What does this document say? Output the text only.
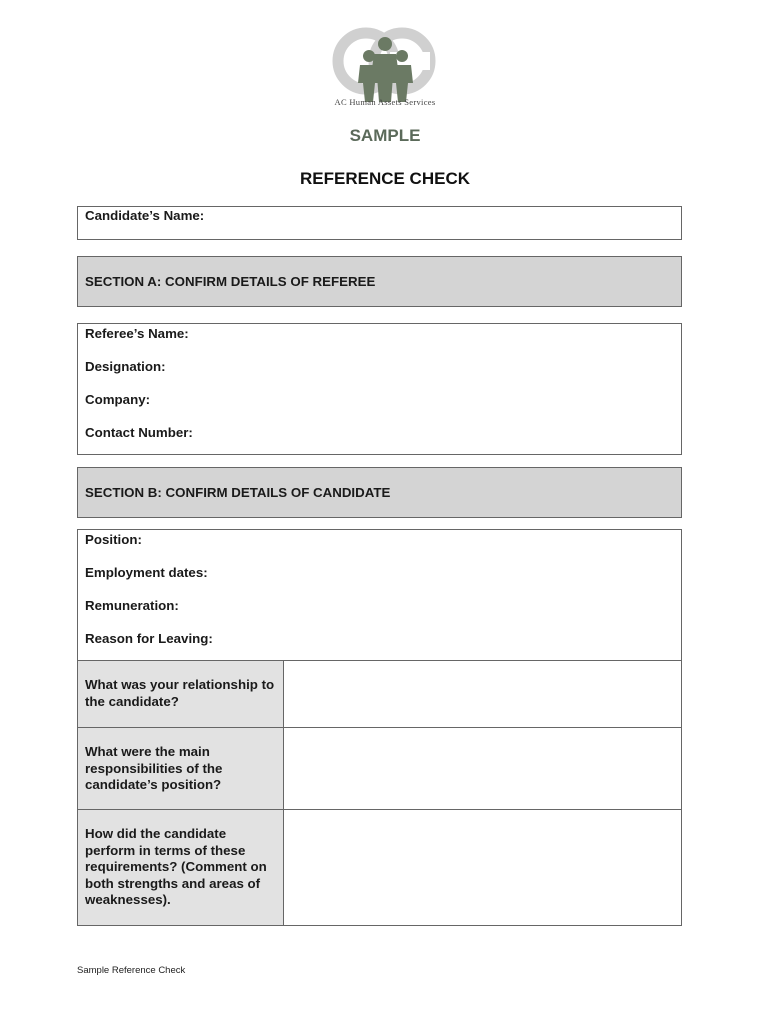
AC Human Assets Services
SAMPLE
REFERENCE CHECK
Candidate’s Name:
SECTION A: CONFIRM DETAILS OF REFEREE
Referee’s Name:
Designation:
Company:
Contact Number:
SECTION B: CONFIRM DETAILS OF CANDIDATE
Position:
Employment dates:
Remuneration:
Reason for Leaving:
What was your relationship to the candidate?	

What were the main responsibilities of the candidate’s position?	

How did the candidate perform in terms of these requirements? (Comment on both strengths and areas of weaknesses).	

Sample Reference Check
